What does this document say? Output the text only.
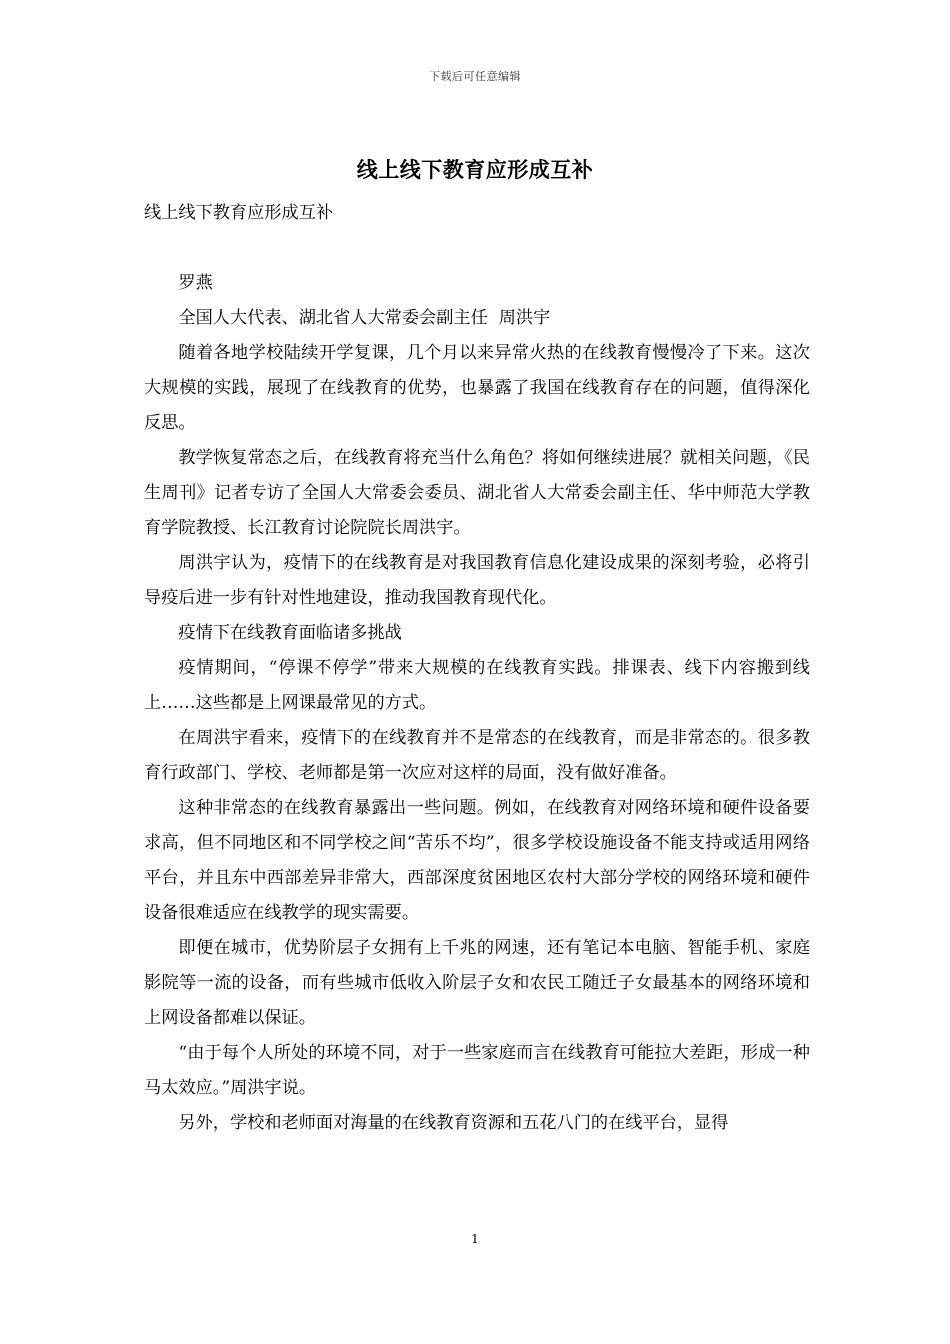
下载后可任意编辑
线上线下教育应形成互补

线上线下教育应形成互补

罗燕

全国人大代表、湖北省人大常委会副主任  周洪宇

随着各地学校陆续开学复课，几个月以来异常火热的在线教育慢慢冷了下来。这次大规模的实践，展现了在线教育的优势，也暴露了我国在线教育存在的问题，值得深化反思。

教学恢复常态之后，在线教育将充当什么角色？将如何继续进展？就相关问题，《民生周刊》记者专访了全国人大常委会委员、湖北省人大常委会副主任、华中师范大学教育学院教授、长江教育讨论院院长周洪宇。

周洪宇认为，疫情下的在线教育是对我国教育信息化建设成果的深刻考验，必将引导疫后进一步有针对性地建设，推动我国教育现代化。

疫情下在线教育面临诸多挑战

疫情期间，“停课不停学”带来大规模的在线教育实践。排课表、线下内容搬到线上……这些都是上网课最常见的方式。

在周洪宇看来，疫情下的在线教育并不是常态的在线教育，而是非常态的。很多教育行政部门、学校、老师都是第一次应对这样的局面，没有做好准备。

这种非常态的在线教育暴露出一些问题。例如，在线教育对网络环境和硬件设备要求高，但不同地区和不同学校之间“苦乐不均”，很多学校设施设备不能支持或适用网络平台，并且东中西部差异非常大，西部深度贫困地区农村大部分学校的网络环境和硬件设备很难适应在线教学的现实需要。

即便在城市，优势阶层子女拥有上千兆的网速，还有笔记本电脑、智能手机、家庭影院等一流的设备，而有些城市低收入阶层子女和农民工随迁子女最基本的网络环境和上网设备都难以保证。

“由于每个人所处的环境不同，对于一些家庭而言在线教育可能拉大差距，形成一种马太效应。”周洪宇说。

另外，学校和老师面对海量的在线教育资源和五花八门的在线平台，显得

1
